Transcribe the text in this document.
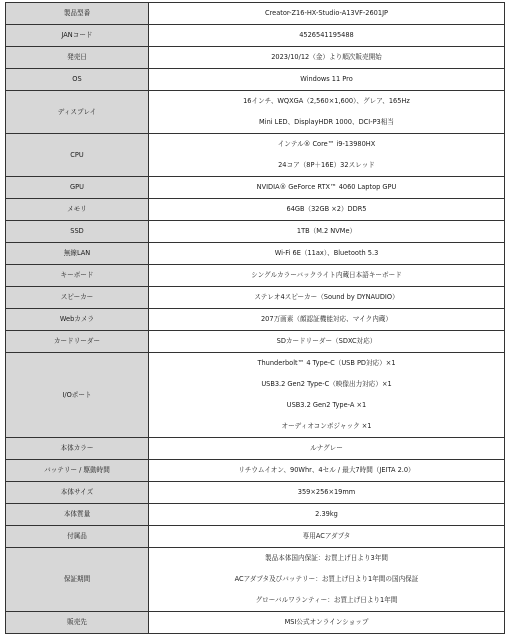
製品型番	Creator-Z16-HX-Studio-A13VF-2601JP

JANコード	4526541195488

発売日	2023/10/12（金）より順次販売開始

OS	Windows 11 Pro

ディスプレイ	16インチ、WQXGA（2,560×1,600）、グレア、165Hz
Mini LED、DisplayHDR 1000、DCI-P3相当

CPU	インテル® Core™ i9-13980HX
24コア（8P＋16E）32スレッド

GPU	NVIDIA® GeForce RTX™ 4060 Laptop GPU

メモリ	64GB（32GB ×2）DDR5

SSD	1TB（M.2 NVMe）

無線LAN	Wi-Fi 6E（11ax）、Bluetooth 5.3

キーボード	シングルカラーバックライト内蔵日本語キーボード

スピーカー	ステレオ4スピーカー（Sound by DYNAUDIO）

Webカメラ	207万画素（顔認証機能対応、マイク内蔵）

カードリーダー	SDカードリーダー（SDXC対応）

I/Oポート	Thunderbolt™ 4 Type-C（USB PD対応）×1
USB3.2 Gen2 Type-C（映像出力対応）×1
USB3.2 Gen2 Type-A ×1
オーディオコンボジャック ×1

本体カラー	ルナグレー

バッテリー / 駆動時間	リチウムイオン、90Whr、4セル / 最大7時間（JEITA 2.0）

本体サイズ	359×256×19mm

本体質量	2.39kg

付属品	専用ACアダプタ

保証期間	製品本体国内保証：お買上げ日より3年間
ACアダプタ及びバッテリー：お買上げ日より1年間の国内保証
グローバルワランティー：お買上げ日より1年間

販売先	MSI公式オンラインショップ
